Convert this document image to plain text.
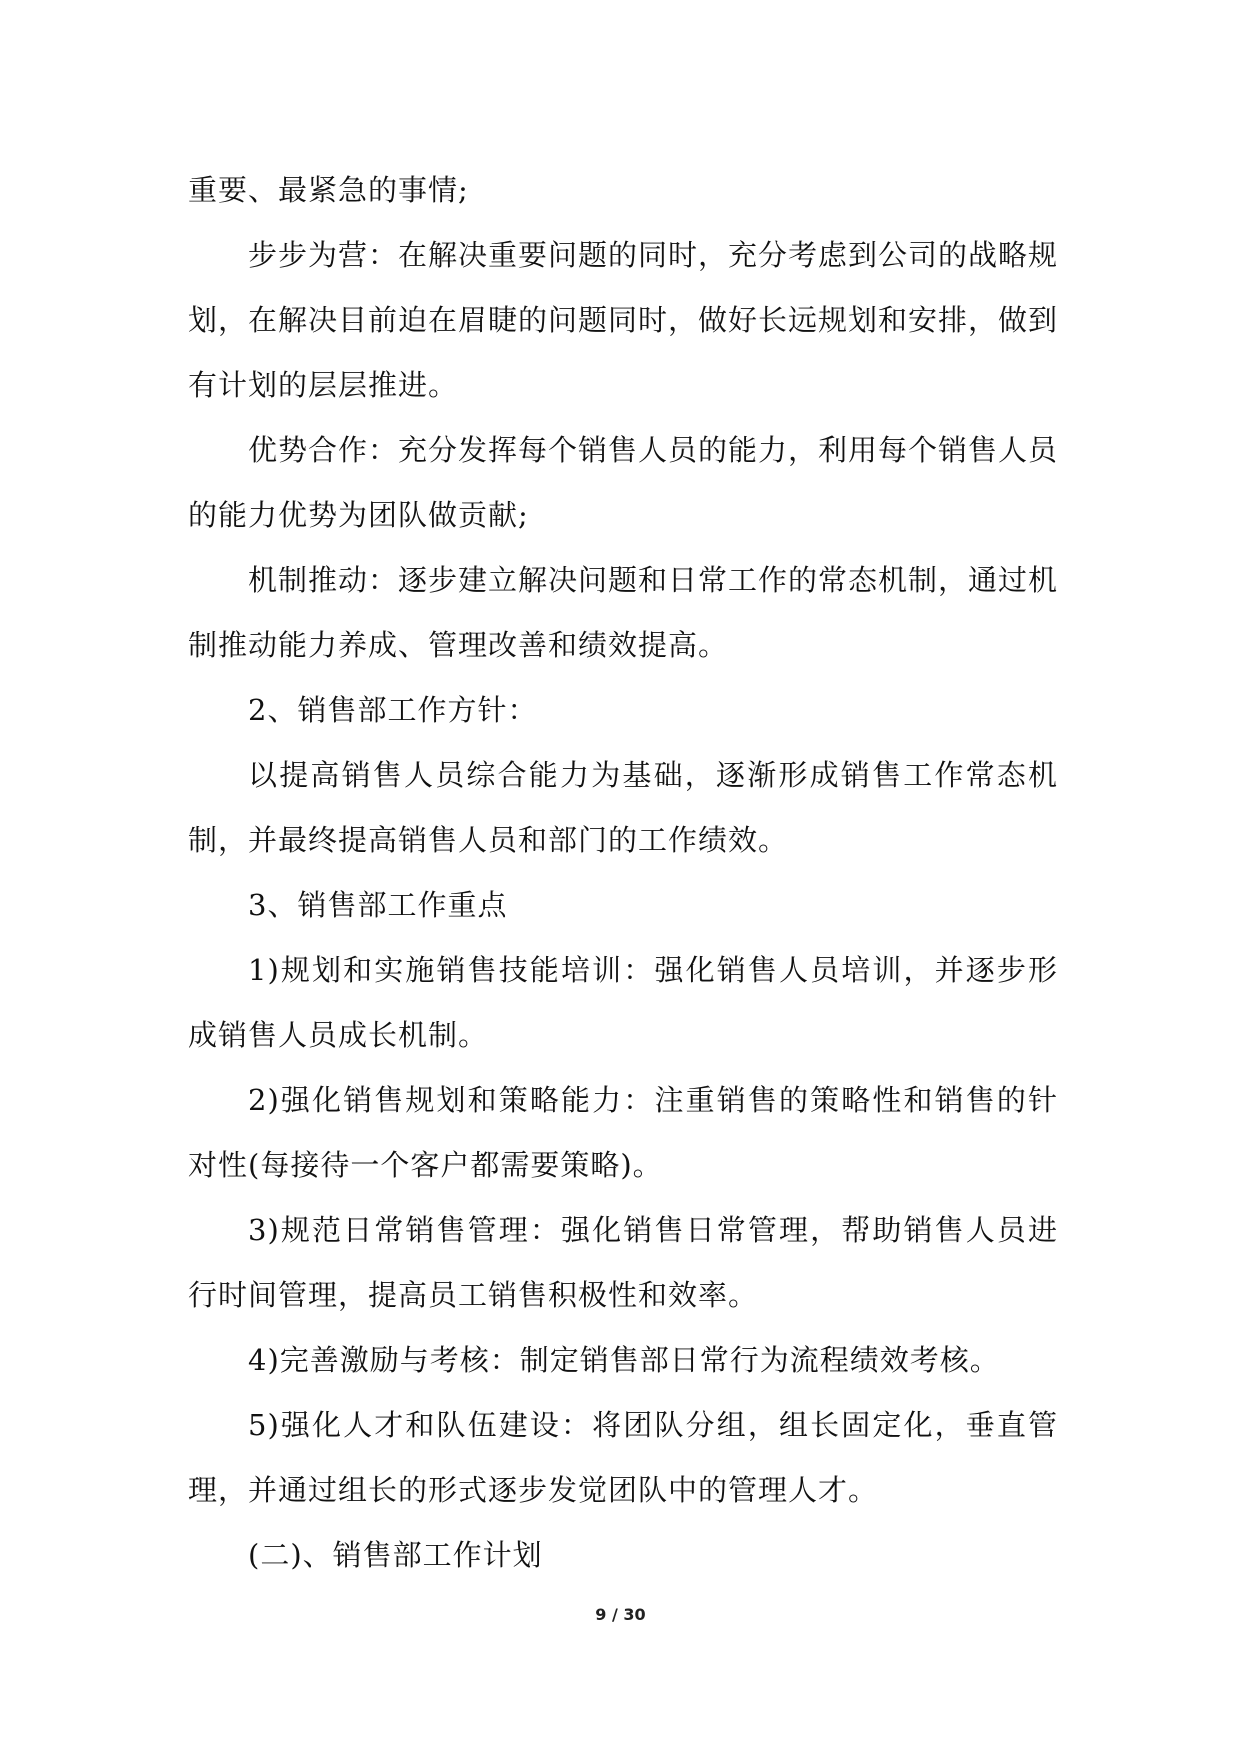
重要、最紧急的事情;

步步为营：在解决重要问题的同时，充分考虑到公司的战略规划，在解决目前迫在眉睫的问题同时，做好长远规划和安排，做到有计划的层层推进。

优势合作：充分发挥每个销售人员的能力，利用每个销售人员的能力优势为团队做贡献;

机制推动：逐步建立解决问题和日常工作的常态机制，通过机制推动能力养成、管理改善和绩效提高。

2、销售部工作方针：

以提高销售人员综合能力为基础，逐渐形成销售工作常态机制，并最终提高销售人员和部门的工作绩效。

3、销售部工作重点

1)规划和实施销售技能培训：强化销售人员培训，并逐步形成销售人员成长机制。

2)强化销售规划和策略能力：注重销售的策略性和销售的针对性(每接待一个客户都需要策略)。

3)规范日常销售管理：强化销售日常管理，帮助销售人员进行时间管理，提高员工销售积极性和效率。

4)完善激励与考核：制定销售部日常行为流程绩效考核。

5)强化人才和队伍建设：将团队分组，组长固定化，垂直管理，并通过组长的形式逐步发觉团队中的管理人才。

(二)、销售部工作计划

9 / 30
